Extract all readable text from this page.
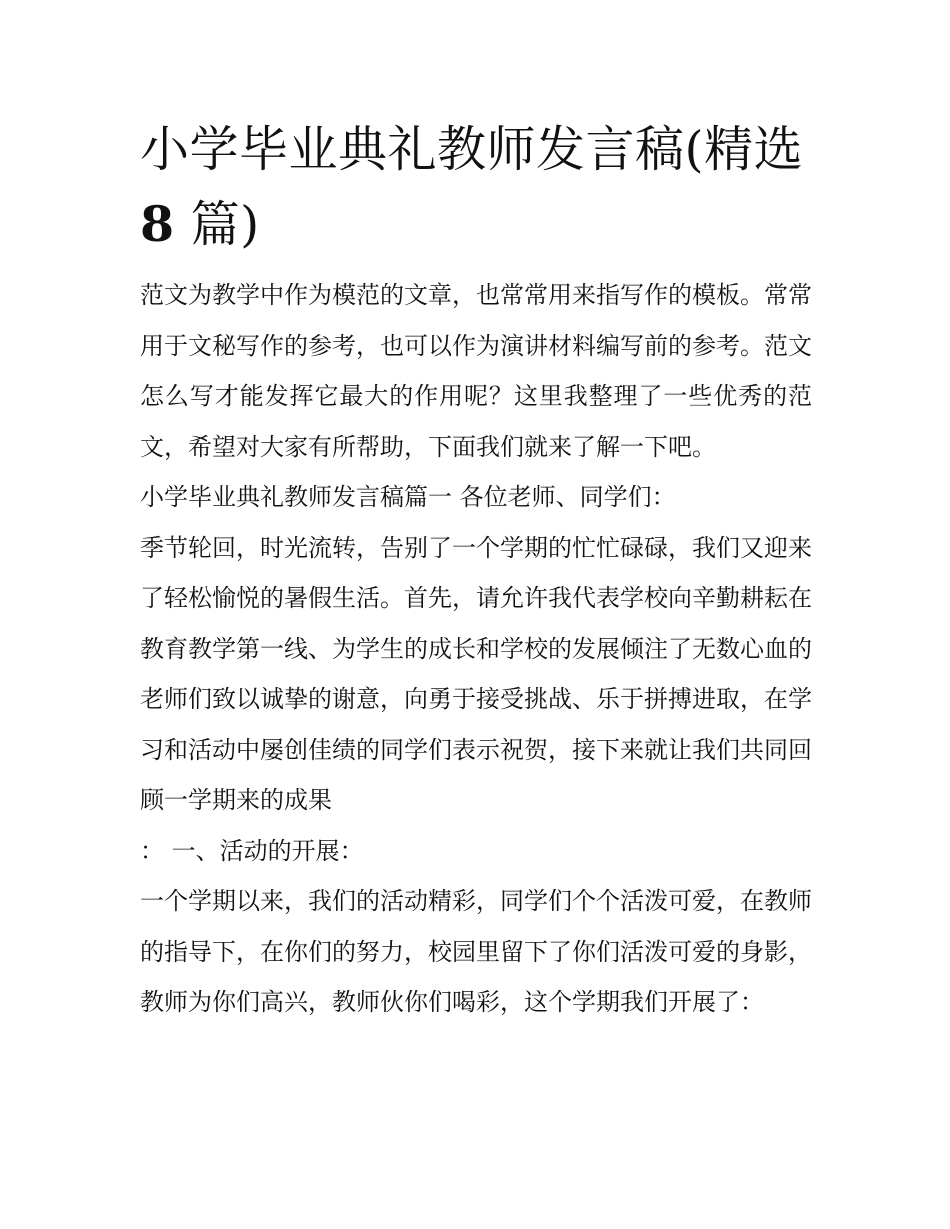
小学毕业典礼教师发言稿(精选
8 篇)

范文为教学中作为模范的文章，也常常用来指写作的模板。常常用于文秘写作的参考，也可以作为演讲材料编写前的参考。范文怎么写才能发挥它最大的作用呢？这里我整理了一些优秀的范文，希望对大家有所帮助，下面我们就来了解一下吧。

小学毕业典礼教师发言稿篇一 各位老师、同学们：

季节轮回，时光流转，告别了一个学期的忙忙碌碌，我们又迎来了轻松愉悦的暑假生活。首先，请允许我代表学校向辛勤耕耘在教育教学第一线、为学生的成长和学校的发展倾注了无数心血的老师们致以诚挚的谢意，向勇于接受挑战、乐于拼搏进取，在学习和活动中屡创佳绩的同学们表示祝贺，接下来就让我们共同回顾一学期来的成果

： 一、活动的开展：

一个学期以来，我们的活动精彩，同学们个个活泼可爱，在教师的指导下，在你们的努力，校园里留下了你们活泼可爱的身影，教师为你们高兴，教师伙你们喝彩，这个学期我们开展了：
